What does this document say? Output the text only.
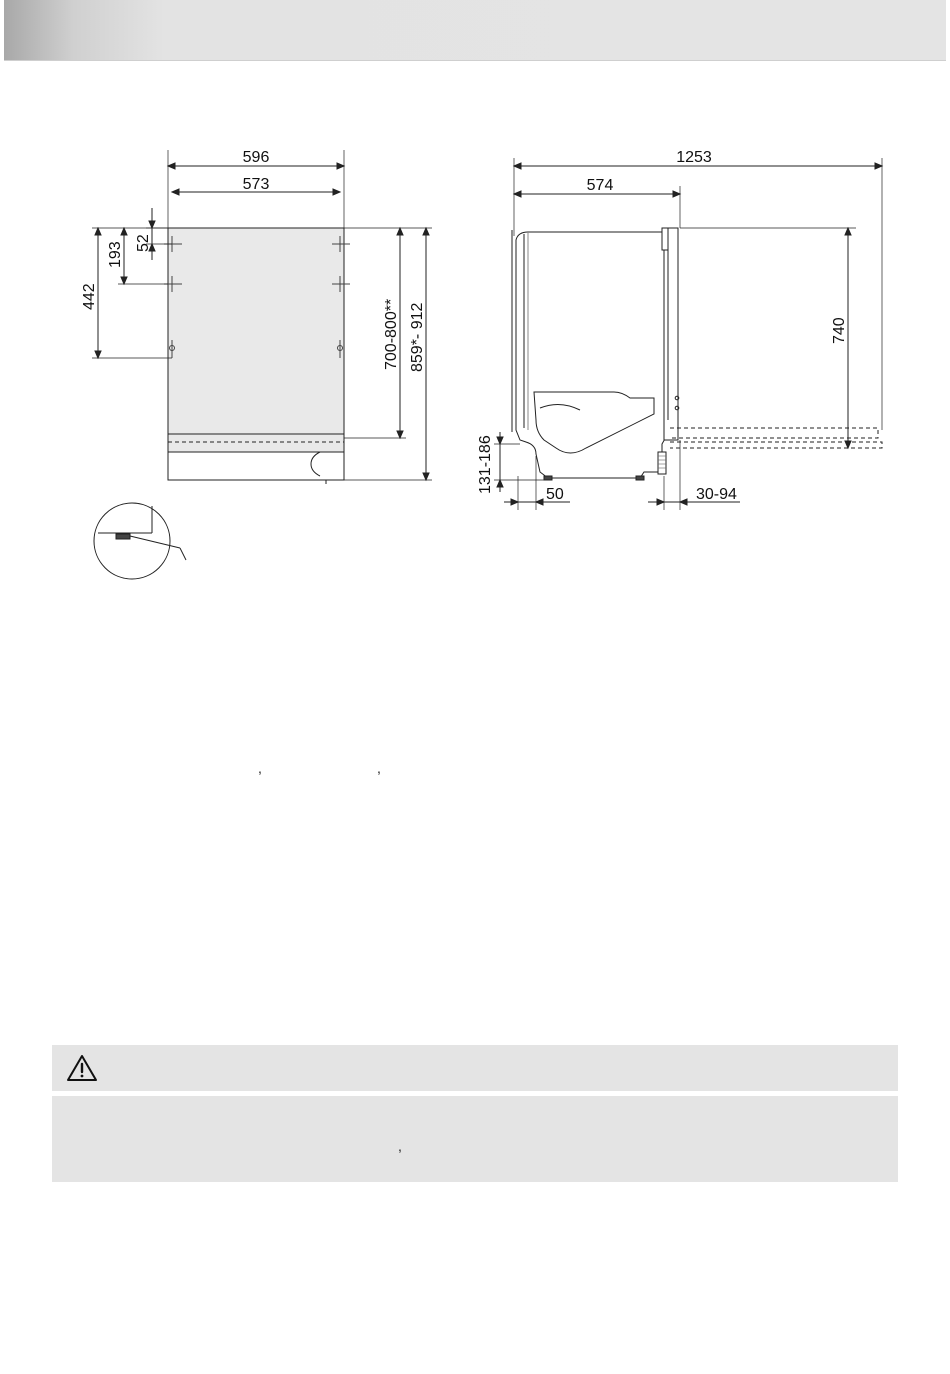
596
573
52
193
442
700-800** 859*- 912
1253
574
740
131-186
50	30-94
,	,
,
